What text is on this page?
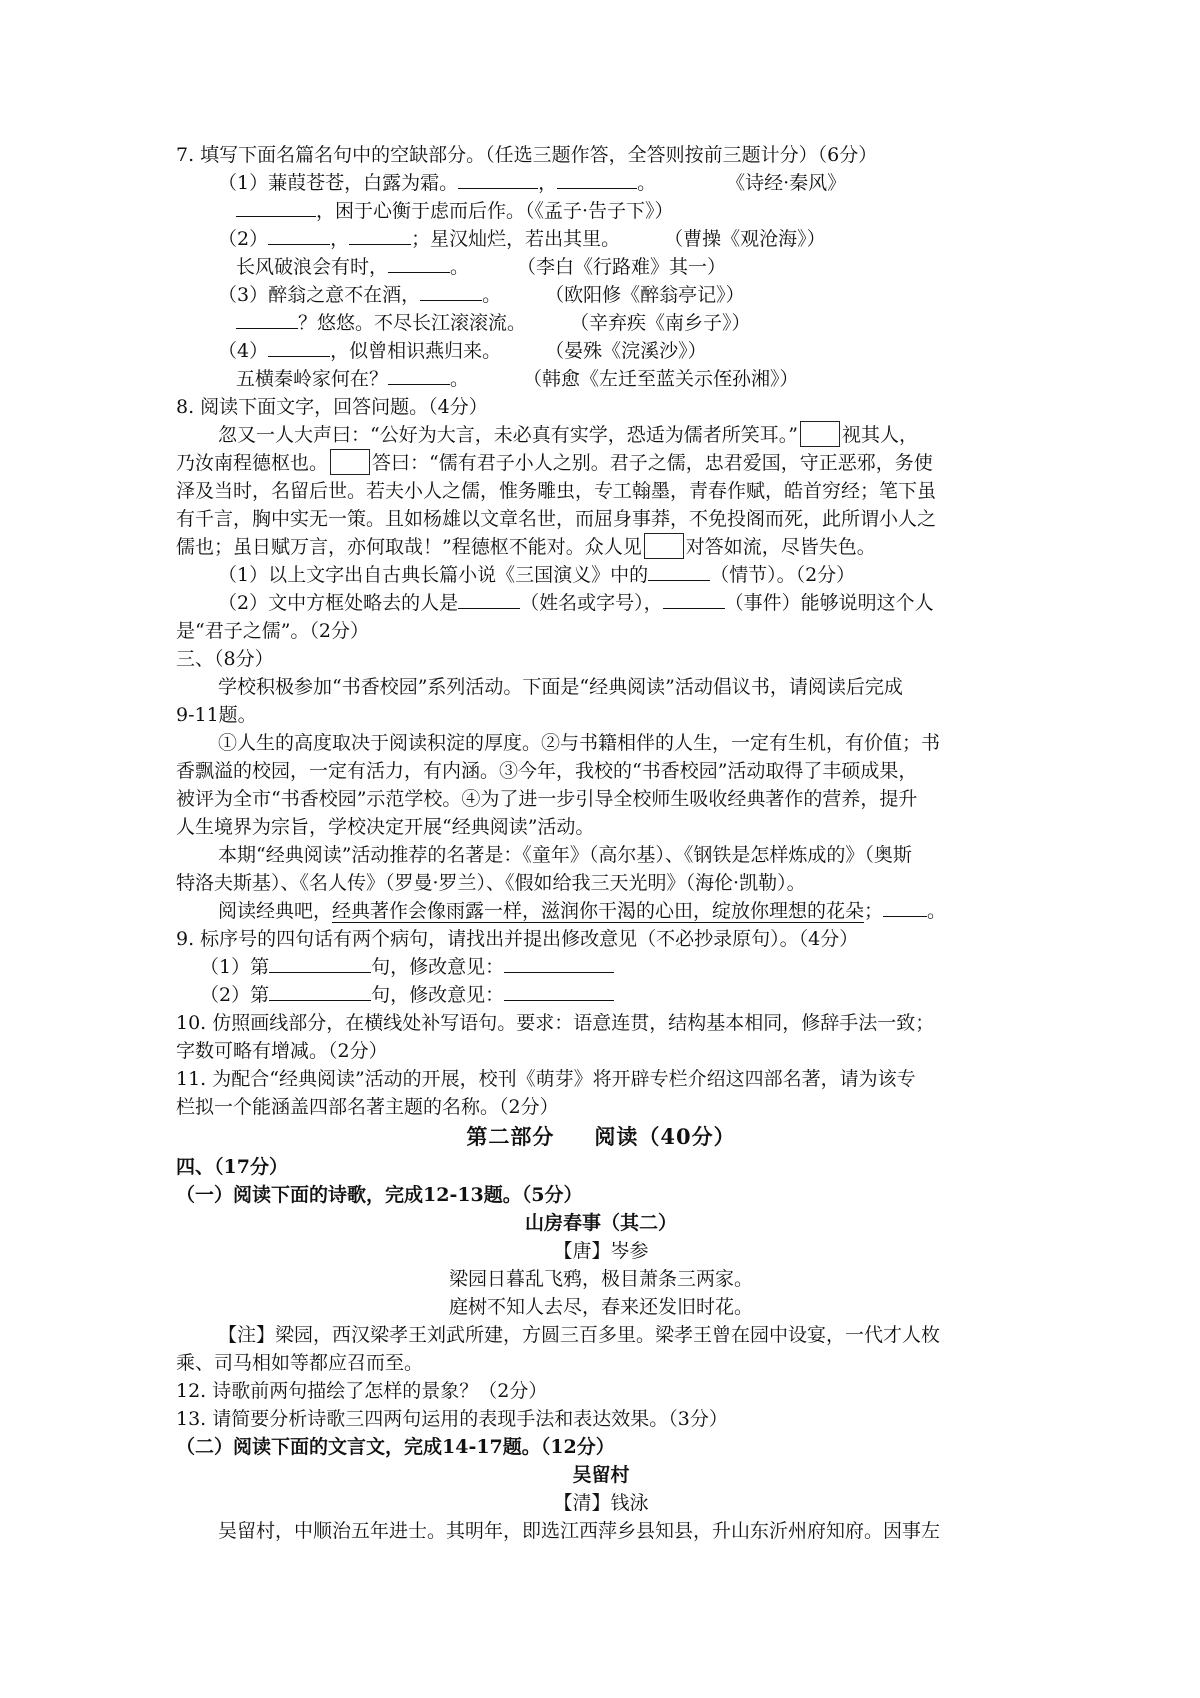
7. 填写下面名篇名句中的空缺部分。（任选三题作答，全答则按前三题计分）（6分）
（1）蒹葭苍苍，白露为霜。	，	。	《诗经·秦风》
，困于心衡于虑而后作。（《孟子·告子下》）
（2）	，	；星汉灿烂，若出其里。 （曹操《观沧海》）
长风破浪会有时，	。	（李白《行路难》其一）
（3）醉翁之意不在酒，	。 （欧阳修《醉翁亭记》）
？悠悠。不尽长江滚滚流。 （辛弃疾《南乡子》）
（4）	，似曾相识燕归来。 （晏殊《浣溪沙》）
五横秦岭家何在？	。	（韩愈《左迁至蓝关示侄孙湘》）
8. 阅读下面文字，回答问题。（4分）
忽又一人大声曰：“公好为大言，未必真有实学，恐适为儒者所笑耳。” 视其人，
乃汝南程德枢也。 答曰：“儒有君子小人之别。君子之儒，忠君爱国，守正恶邪，务使
泽及当时，名留后世。若夫小人之儒，惟务雕虫，专工翰墨，青春作赋，皓首穷经；笔下虽
有千言，胸中实无一策。且如杨雄以文章名世，而屈身事莽，不免投阁而死，此所谓小人之
儒也；虽日赋万言，亦何取哉！”程德枢不能对。众人见 对答如流，尽皆失色。
（1）以上文字出自古典长篇小说《三国演义》中的	（情节）。（2分）
（2）文中方框处略去的人是	（姓名或字号），	（事件）能够说明这个人
是“君子之儒”。（2分）
三、（8分）
学校积极参加“书香校园”系列活动。下面是“经典阅读”活动倡议书，请阅读后完成
9-11题。
①人生的高度取决于阅读积淀的厚度。②与书籍相伴的人生，一定有生机，有价值；书
香飘溢的校园，一定有活力，有内涵。③今年，我校的“书香校园”活动取得了丰硕成果，
被评为全市“书香校园”示范学校。④为了进一步引导全校师生吸收经典著作的营养，提升
人生境界为宗旨，学校决定开展“经典阅读”活动。
本期“经典阅读”活动推荐的名著是：《童年》（高尔基）、《钢铁是怎样炼成的》（奥斯
特洛夫斯基）、《名人传》（罗曼·罗兰）、《假如给我三天光明》（海伦·凯勒）。
阅读经典吧，经典著作会像雨露一样，滋润你干渴的心田，绽放你理想的花朵； 。
9. 标序号的四句话有两个病句，请找出并提出修改意见（不必抄录原句）。（4分）
（1）第	句，修改意见：
（2）第	句，修改意见：
10. 仿照画线部分，在横线处补写语句。要求：语意连贯，结构基本相同，修辞手法一致；
字数可略有增减。（2分）
11. 为配合“经典阅读”活动的开展，校刊《萌芽》将开辟专栏介绍这四部名著，请为该专
栏拟一个能涵盖四部名著主题的名称。（2分）
第二部分 阅读（40分）
四、（17分）
（一）阅读下面的诗歌，完成12-13题。（5分）
山房春事（其二）
【唐】岑参
梁园日暮乱飞鸦，极目萧条三两家。
庭树不知人去尽，春来还发旧时花。
【注】梁园，西汉梁孝王刘武所建，方圆三百多里。梁孝王曾在园中设宴，一代才人枚
乘、司马相如等都应召而至。
12. 诗歌前两句描绘了怎样的景象？（2分）
13. 请简要分析诗歌三四两句运用的表现手法和表达效果。（3分）
（二）阅读下面的文言文，完成14-17题。（12分）
吴留村
【清】钱泳
吴留村，中顺治五年进士。其明年，即选江西萍乡县知县，升山东沂州府知府。因事左
